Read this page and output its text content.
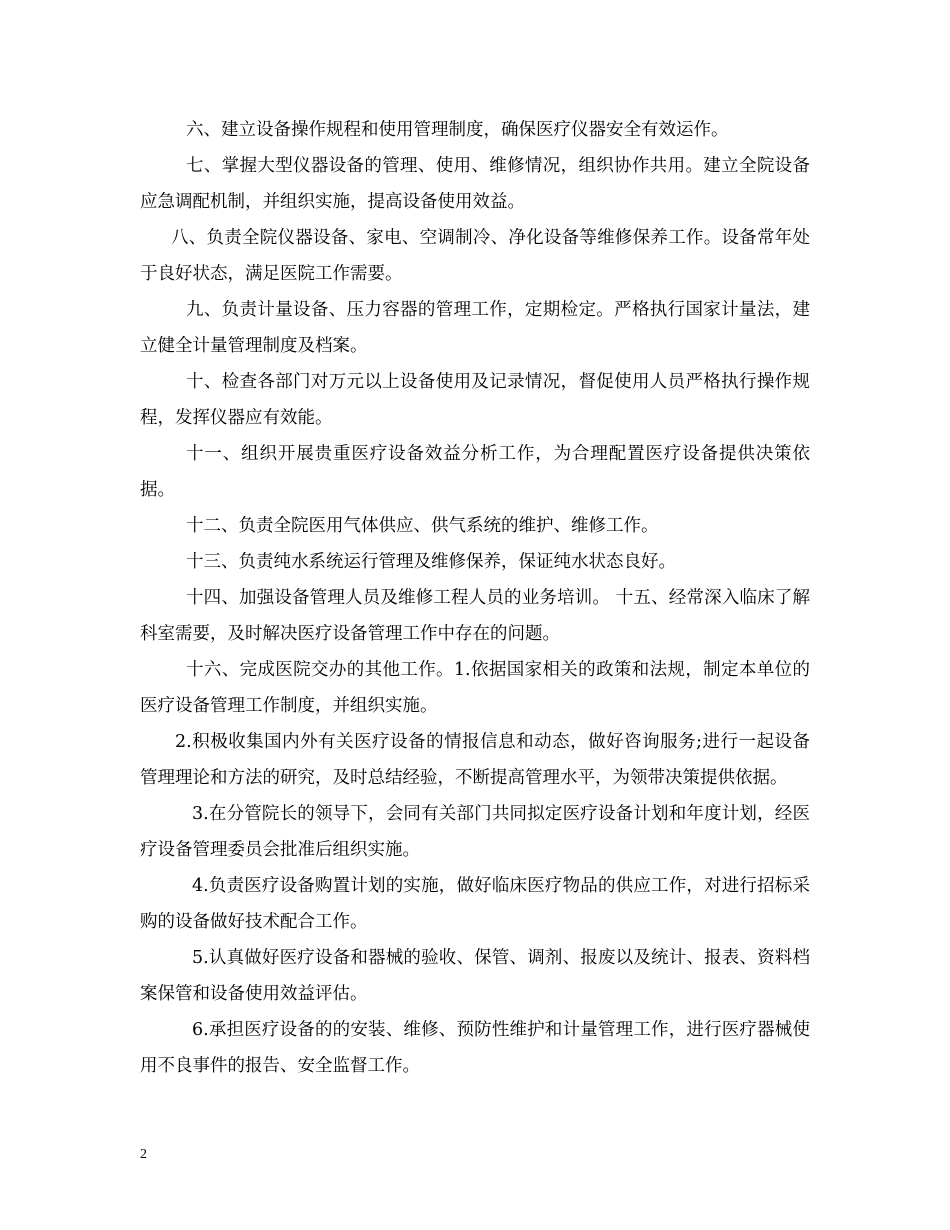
六、建立设备操作规程和使用管理制度，确保医疗仪器安全有效运作。

七、掌握大型仪器设备的管理、使用、维修情况，组织协作共用。建立全院设备应急调配机制，并组织实施，提高设备使用效益。

八、负责全院仪器设备、家电、空调制冷、净化设备等维修保养工作。设备常年处于良好状态，满足医院工作需要。

九、负责计量设备、压力容器的管理工作，定期检定。严格执行国家计量法，建立健全计量管理制度及档案。

十、检查各部门对万元以上设备使用及记录情况，督促使用人员严格执行操作规程，发挥仪器应有效能。

十一、组织开展贵重医疗设备效益分析工作，为合理配置医疗设备提供决策依据。

十二、负责全院医用气体供应、供气系统的维护、维修工作。

十三、负责纯水系统运行管理及维修保养，保证纯水状态良好。

十四、加强设备管理人员及维修工程人员的业务培训。 十五、经常深入临床了解科室需要，及时解决医疗设备管理工作中存在的问题。

十六、完成医院交办的其他工作。1.依据国家相关的政策和法规，制定本单位的医疗设备管理工作制度，并组织实施。

2.积极收集国内外有关医疗设备的情报信息和动态，做好咨询服务;进行一起设备管理理论和方法的研究，及时总结经验，不断提高管理水平，为领带决策提供依据。

3.在分管院长的领导下，会同有关部门共同拟定医疗设备计划和年度计划，经医疗设备管理委员会批准后组织实施。

4.负责医疗设备购置计划的实施，做好临床医疗物品的供应工作，对进行招标采购的设备做好技术配合工作。

5.认真做好医疗设备和器械的验收、保管、调剂、报废以及统计、报表、资料档案保管和设备使用效益评估。

6.承担医疗设备的的安装、维修、预防性维护和计量管理工作，进行医疗器械使用不良事件的报告、安全监督工作。

2
